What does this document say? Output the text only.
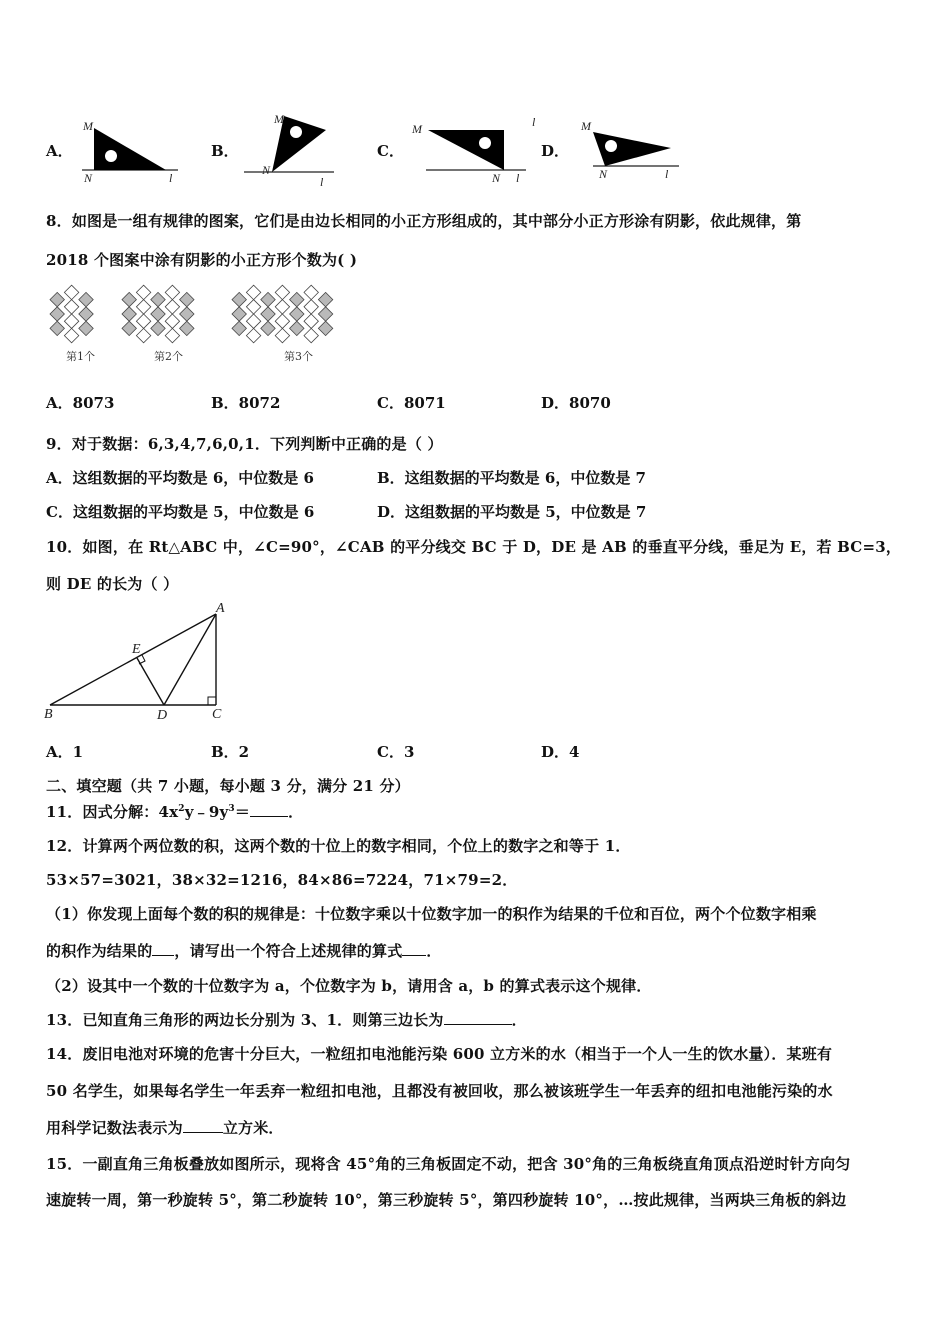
A．
M
N	l
B．
M
N
l
C．
M
N l
l
D．
M
N	l
8．如图是一组有规律的图案，它们是由边长相同的小正方形组成的，其中部分小正方形涂有阴影，依此规律，第
2018 个图案中涂有阴影的小正方形个数为( )
第1个	第2个	第3个
A．8073	B．8072	C．8071	D．8070
9．对于数据：6,3,4,7,6,0,1．下列判断中正确的是（ ）
A．这组数据的平均数是 6，中位数是 6	B．这组数据的平均数是 6，中位数是 7
C．这组数据的平均数是 5，中位数是 6	D．这组数据的平均数是 5，中位数是 7
10．如图，在 Rt△ABC 中，∠C=90°，∠CAB 的平分线交 BC 于 D，DE 是 AB 的垂直平分线，垂足为 E，若 BC=3，
则 DE 的长为（ ）
A
B	C
D
E
A．1	B．2	C．3	D．4
二、填空题（共 7 小题，每小题 3 分，满分 21 分）
11．因式分解：$4x^2y﹣9y^3=$	．
12．计算两个两位数的积，这两个数的十位上的数字相同，个位上的数字之和等于 1．
53×57=3021，38×32=1216，84×86=7224，71×79=2．
（1）你发现上面每个数的积的规律是：十位数字乘以十位数字加一的积作为结果的千位和百位，两个个位数字相乘
的积作为结果的 ，请写出一个符合上述规律的算式 ．
（2）设其中一个数的十位数字为 a，个位数字为 b，请用含 a，b 的算式表示这个规律．
13．已知直角三角形的两边长分别为 3、1．则第三边长为	．
14．废旧电池对环境的危害十分巨大，一粒纽扣电池能污染 600 立方米的水（相当于一个人一生的饮水量）．某班有
50 名学生，如果每名学生一年丢弃一粒纽扣电池，且都没有被回收，那么被该班学生一年丢弃的纽扣电池能污染的水
用科学记数法表示为	立方米．
15．一副直角三角板叠放如图所示，现将含 45°角的三角板固定不动，把含 30°角的三角板绕直角顶点沿逆时针方向匀
速旋转一周，第一秒旋转 5°，第二秒旋转 10°，第三秒旋转 5°，第四秒旋转 10°，…按此规律，当两块三角板的斜边
